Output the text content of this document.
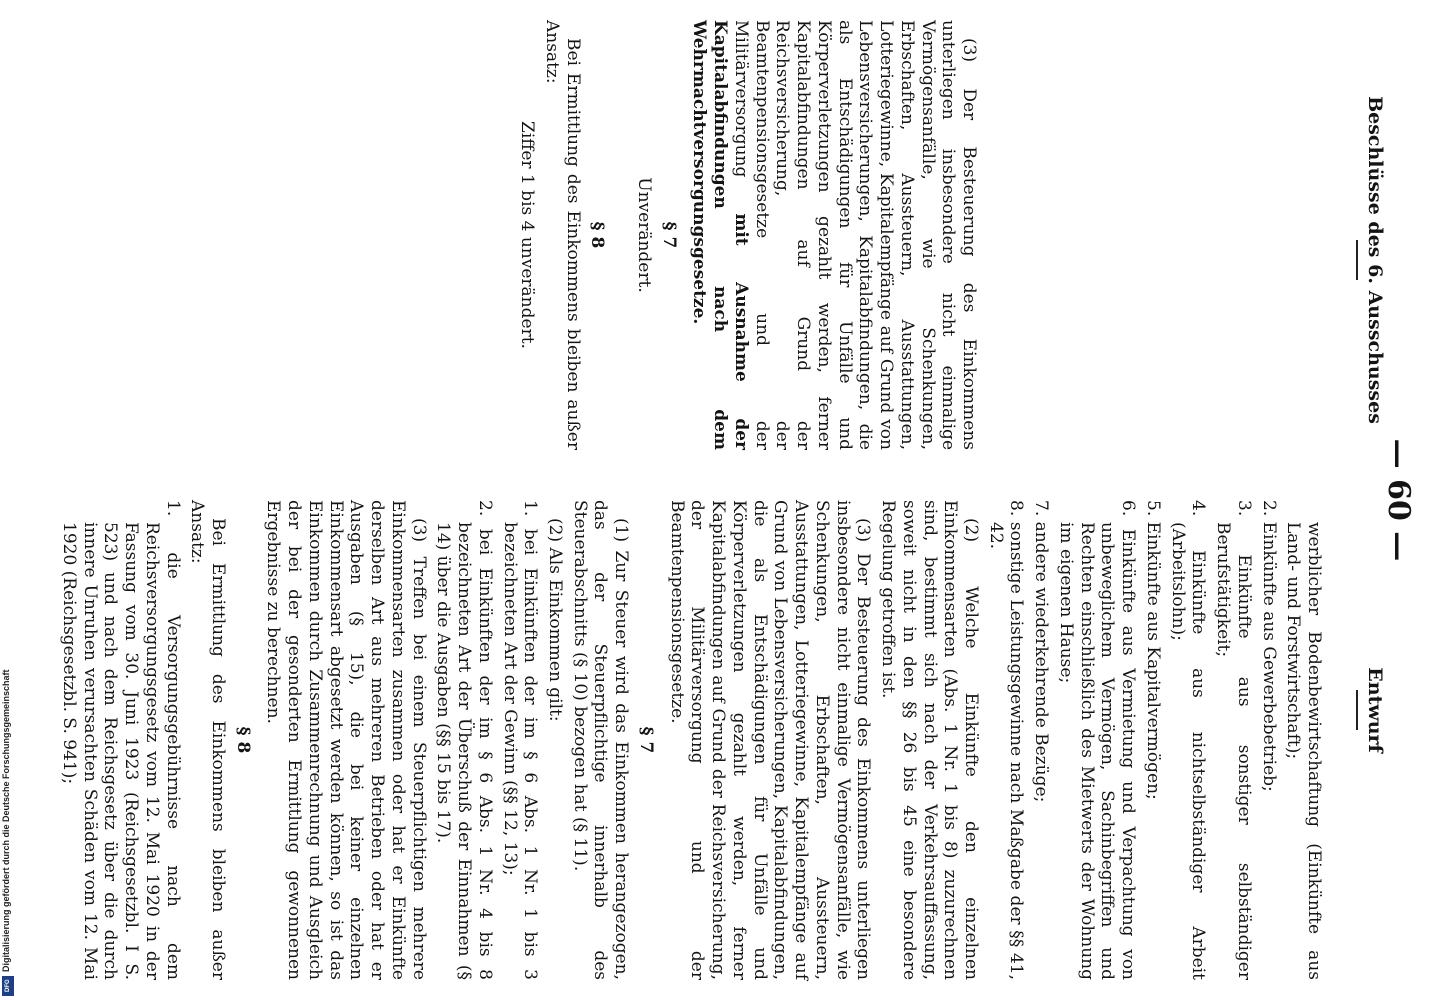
Digitalisierung gefördert durch die Deutsche Forschungsgemeinschaft
DFG
— 60 —
Entwurf
Beschlüsse des 6. Ausschusses

werblicher Bodenbewirtschaftung (Einkünfte aus Land- und Forstwirtschaft);

2. Einkünfte aus Gewerbebetrieb;

3. Einkünfte aus sonstiger selbständiger Berufstätigkeit;

4. Einkünfte aus nichtselbständiger Arbeit (Arbeitslohn);

5. Einkünfte aus Kapitalvermögen;

6. Einkünfte aus Vermietung und Verpachtung von unbeweglichem Vermögen, Sachinbegriffen und Rechten einschließlich des Mietwerts der Wohnung im eigenen Hause;

7. andere wiederkehrende Bezüge;

8. sonstige Leistungsgewinne nach Maßgabe der §§ 41, 42.

(2) Welche Einkünfte den einzelnen Einkommensarten (Abs. 1 Nr. 1 bis 8) zuzurechnen sind, bestimmt sich nach der Verkehrsauffassung, soweit nicht in den §§ 26 bis 45 eine besondere Regelung getroffen ist.

(3) Der Besteuerung des Einkommens unterliegen insbesondere nicht einmalige Vermögensanfälle, wie Schenkungen, Erbschaften, Aussteuern, Ausstattungen, Lotteriegewinne, Kapitalempfänge auf Grund von Lebensversicherungen, Kapitalabfindungen, die als Entschädigungen für Unfälle und Körperverletzungen gezahlt werden, ferner Kapitalabfindungen auf Grund der Reichsversicherung, der Militärversorgung und der Beamtenpensionsgesetze.

§ 7

(1) Zur Steuer wird das Einkommen herangezogen, das der Steuerpflichtige innerhalb des Steuerabschnitts (§ 10) bezogen hat (§ 11).

(2) Als Einkommen gilt:

1. bei Einkünften der im § 6 Abs. 1 Nr. 1 bis 3 bezeichneten Art der Gewinn (§§ 12, 13);

2. bei Einkünften der im § 6 Abs. 1 Nr. 4 bis 8 bezeichneten Art der Überschuß der Einnahmen (§ 14) über die Ausgaben (§§ 15 bis 17).

(3) Treffen bei einem Steuerpflichtigen mehrere Einkommensarten zusammen oder hat er Einkünfte derselben Art aus mehreren Betrieben oder hat er Ausgaben (§ 15), die bei keiner einzelnen Einkommensart abgesetzt werden können, so ist das Einkommen durch Zusammenrechnung und Ausgleich der bei der gesonderten Ermittlung gewonnenen Ergebnisse zu berechnen.

§ 8

Bei Ermittlung des Einkommens bleiben außer Ansatz:

1. die Versorgungsgebührnisse nach dem Reichsversorgungsgesetz vom 12. Mai 1920 in der Fassung vom 30. Juni 1923 (Reichsgesetzbl. I S. 523) und nach dem Reichsgesetz über die durch innere Unruhen verursachten Schäden vom 12. Mai 1920 (Reichsgesetzbl. S. 941);

(3) Der Besteuerung des Einkommens unterliegen insbesondere nicht einmalige Vermögensanfälle, wie Schenkungen, Erbschaften, Aussteuern, Ausstattungen, Lotteriegewinne, Kapitalempfänge auf Grund von Lebensversicherungen, Kapitalabfindungen, die als Entschädigungen für Unfälle und Körperverletzungen gezahlt werden, ferner Kapitalabfindungen auf Grund der Reichsversicherung, der Beamtenpensionsgesetze und der Militärversorgung mit Ausnahme der Kapitalabfindungen nach dem Wehrmachtversorgungsgesetze.

§ 7

Unverändert.

§ 8

Bei Ermittlung des Einkommens bleiben außer Ansatz:

Ziffer 1 bis 4 unverändert.
